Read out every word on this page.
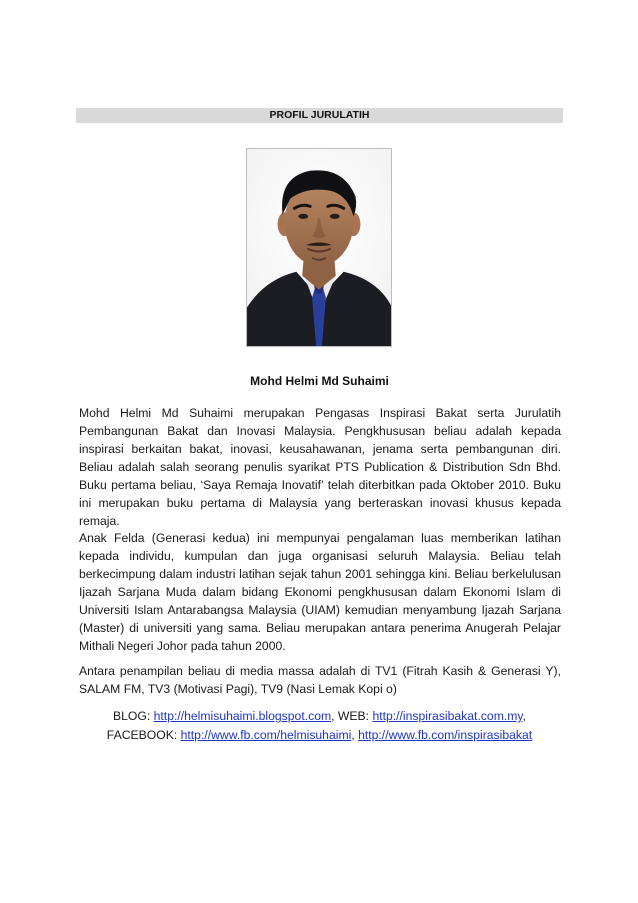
PROFIL JURULATIH
Mohd Helmi Md Suhaimi

Mohd Helmi Md Suhaimi merupakan Pengasas Inspirasi Bakat serta Jurulatih Pembangunan Bakat dan Inovasi Malaysia. Pengkhususan beliau adalah kepada inspirasi berkaitan bakat, inovasi, keusahawanan, jenama serta pembangunan diri. Beliau adalah salah seorang penulis syarikat PTS Publication & Distribution Sdn Bhd. Buku pertama beliau, ‘Saya Remaja Inovatif’ telah diterbitkan pada Oktober 2010. Buku ini merupakan buku pertama di Malaysia yang berteraskan inovasi khusus kepada remaja.

Anak Felda (Generasi kedua) ini mempunyai pengalaman luas memberikan latihan kepada individu, kumpulan dan juga organisasi seluruh Malaysia. Beliau telah berkecimpung dalam industri latihan sejak tahun 2001 sehingga kini. Beliau berkelulusan Ijazah Sarjana Muda dalam bidang Ekonomi pengkhususan dalam Ekonomi Islam di Universiti Islam Antarabangsa Malaysia (UIAM) kemudian menyambung Ijazah Sarjana (Master) di universiti yang sama. Beliau merupakan antara penerima Anugerah Pelajar Mithali Negeri Johor pada tahun 2000.

Antara penampilan beliau di media massa adalah di TV1 (Fitrah Kasih & Generasi Y), SALAM FM, TV3 (Motivasi Pagi), TV9 (Nasi Lemak Kopi o)

BLOG: http://helmisuhaimi.blogspot.com, WEB: http://inspirasibakat.com.my,
FACEBOOK: http://www.fb.com/helmisuhaimi, http://www.fb.com/inspirasibakat
